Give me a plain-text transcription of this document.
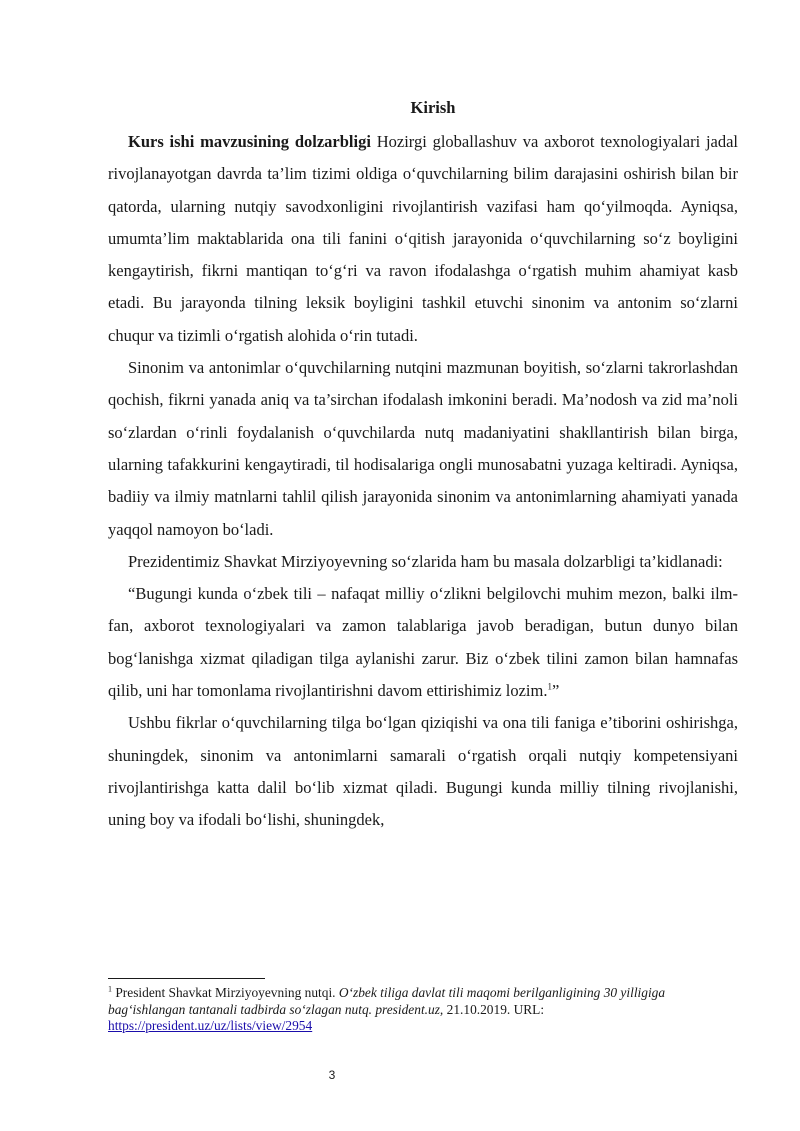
Kirish

Kurs ishi mavzusining dolzarbligi Hozirgi globallashuv va axborot texnologiyalari jadal rivojlanayotgan davrda ta’lim tizimi oldiga o‘quvchilarning bilim darajasini oshirish bilan bir qatorda, ularning nutqiy savodxonligini rivojlantirish vazifasi ham qo‘yilmoqda. Ayniqsa, umumta’lim maktablarida ona tili fanini o‘qitish jarayonida o‘quvchilarning so‘z boyligini kengaytirish, fikrni mantiqan to‘g‘ri va ravon ifodalashga o‘rgatish muhim ahamiyat kasb etadi. Bu jarayonda tilning leksik boyligini tashkil etuvchi sinonim va antonim so‘zlarni chuqur va tizimli o‘rgatish alohida o‘rin tutadi.

Sinonim va antonimlar o‘quvchilarning nutqini mazmunan boyitish, so‘zlarni takrorlashdan qochish, fikrni yanada aniq va ta’sirchan ifodalash imkonini beradi. Ma’nodosh va zid ma’noli so‘zlardan o‘rinli foydalanish o‘quvchilarda nutq madaniyatini shakllantirish bilan birga, ularning tafakkurini kengaytiradi, til hodisalariga ongli munosabatni yuzaga keltiradi. Ayniqsa, badiiy va ilmiy matnlarni tahlil qilish jarayonida sinonim va antonimlarning ahamiyati yanada yaqqol namoyon bo‘ladi.

Prezidentimiz Shavkat Mirziyoyevning so‘zlarida ham bu masala dolzarbligi ta’kidlanadi:

“Bugungi kunda o‘zbek tili – nafaqat milliy o‘zlikni belgilovchi muhim mezon, balki ilm-fan, axborot texnologiyalari va zamon talablariga javob beradigan, butun dunyo bilan bog‘lanishga xizmat qiladigan tilga aylanishi zarur. Biz o‘zbek tilini zamon bilan hamnafas qilib, uni har tomonlama rivojlantirishni davom ettirishimiz lozim.$^1$”

Ushbu fikrlar o‘quvchilarning tilga bo‘lgan qiziqishi va ona tili faniga e’tiborini oshirishga, shuningdek, sinonim va antonimlarni samarali o‘rgatish orqali nutqiy kompetensiyani rivojlantirishga katta dalil bo‘lib xizmat qiladi. Bugungi kunda milliy tilning rivojlanishi, uning boy va ifodali bo‘lishi, shuningdek,

$^1$ President Shavkat Mirziyoyevning nutqi. O‘zbek tiliga davlat tili maqomi berilganligining 30 yilligiga bag‘ishlangan tantanali tadbirda so‘zlagan nutq. president.uz, 21.10.2019. URL:
https://president.uz/uz/lists/view/2954
3
